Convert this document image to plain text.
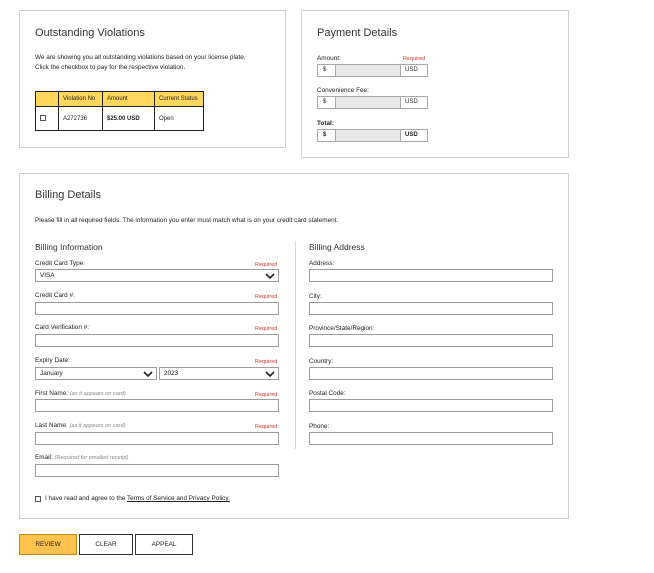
Outstanding Violations
We are showing you all outstanding violations based on your license plate.
Click the checkbox to pay for the respective violation.
	Violation No	Amount	Current Status
	A272736	$25.00 USD	Open
Payment Details
Amount:	Required
$	USD
Convenience Fee:
$	USD
Total:
$	USD
Billing Details
Please fill in all required fields. The information you enter must match what is on your credit card statement.
Billing Information	Billing Address
Credit Card Type:	Required
VISA
Credit Card #:	Required
Card Verification #:	Required
Expiry Date:	Required
January	2023
First Name: (as it appears on card)	Required
Last Name: (as it appears on card)	Required
Email: (Required for emailed receipt)
Address:
City:
Province/State/Region:
Country:
Postal Code:
Phone:
I have read and agree to the Terms of Service and Privacy Policy.
REVIEW	CLEAR	APPEAL
